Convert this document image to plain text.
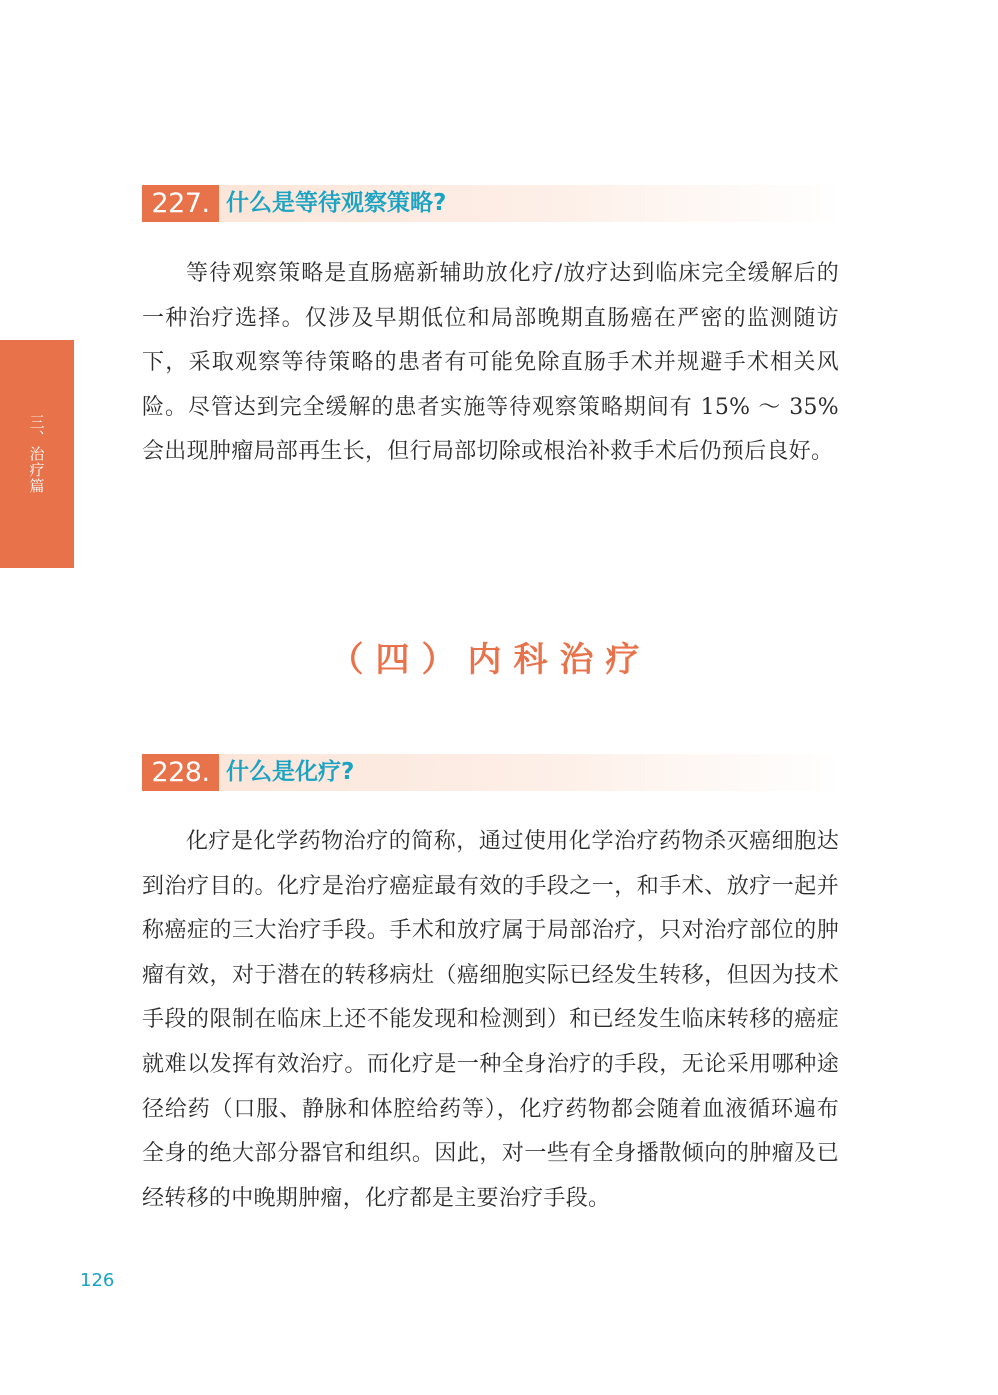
三、治疗篇
227. 什么是等待观察策略?

等待观察策略是直肠癌新辅助放化疗/放疗达到临床完全缓解后的一种治疗选择。仅涉及早期低位和局部晚期直肠癌在严密的监测随访下，采取观察等待策略的患者有可能免除直肠手术并规避手术相关风险。尽管达到完全缓解的患者实施等待观察策略期间有 15% ～ 35% 会出现肿瘤局部再生长，但行局部切除或根治补救手术后仍预后良好。

（四）内科治疗
228. 什么是化疗?

化疗是化学药物治疗的简称，通过使用化学治疗药物杀灭癌细胞达到治疗目的。化疗是治疗癌症最有效的手段之一，和手术、放疗一起并称癌症的三大治疗手段。手术和放疗属于局部治疗，只对治疗部位的肿瘤有效，对于潜在的转移病灶（癌细胞实际已经发生转移，但因为技术手段的限制在临床上还不能发现和检测到）和已经发生临床转移的癌症就难以发挥有效治疗。而化疗是一种全身治疗的手段，无论采用哪种途径给药（口服、静脉和体腔给药等），化疗药物都会随着血液循环遍布全身的绝大部分器官和组织。因此，对一些有全身播散倾向的肿瘤及已经转移的中晚期肿瘤，化疗都是主要治疗手段。

126
